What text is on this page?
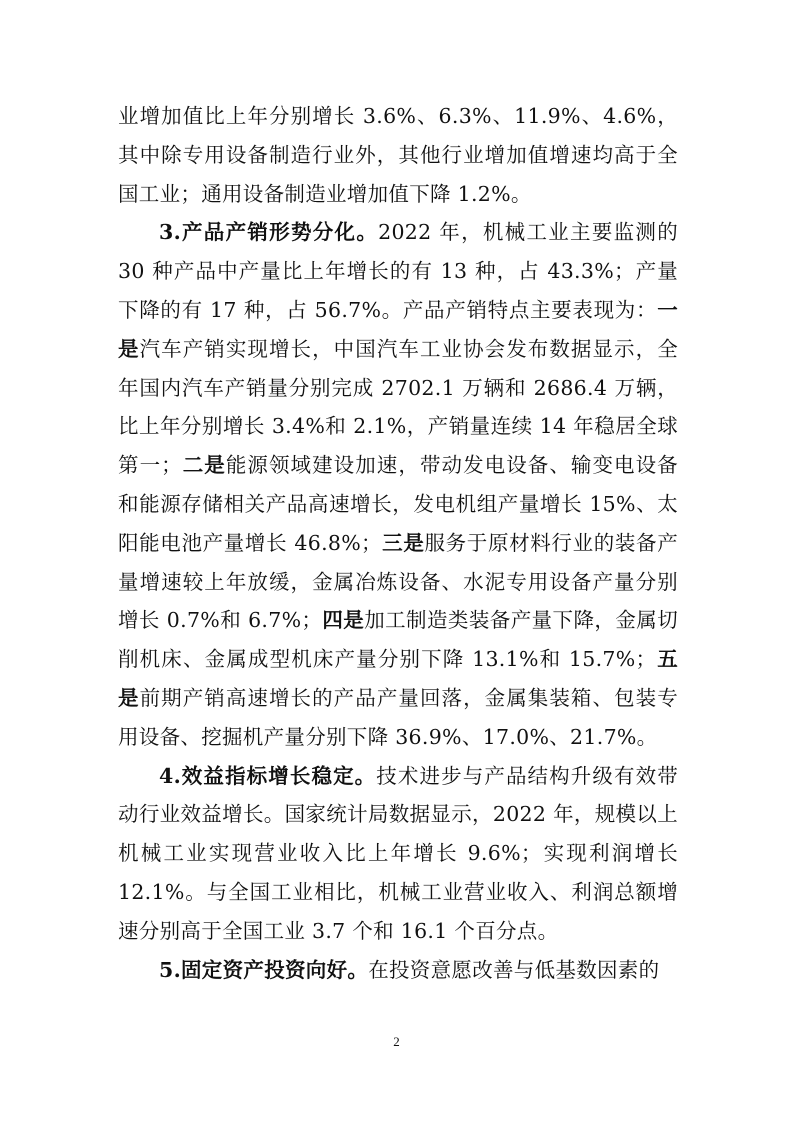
业增加值比上年分别增长 3.6%、6.3%、11.9%、4.6%，其中除专用设备制造行业外，其他行业增加值增速均高于全国工业；通用设备制造业增加值下降 1.2%。

3.产品产销形势分化。2022 年，机械工业主要监测的 30 种产品中产量比上年增长的有 13 种，占 43.3%；产量下降的有 17 种，占 56.7%。产品产销特点主要表现为：一是汽车产销实现增长，中国汽车工业协会发布数据显示，全年国内汽车产销量分别完成 2702.1 万辆和 2686.4 万辆，比上年分别增长 3.4%和 2.1%，产销量连续 14 年稳居全球第一；二是能源领域建设加速，带动发电设备、输变电设备和能源存储相关产品高速增长，发电机组产量增长 15%、太阳能电池产量增长 46.8%；三是服务于原材料行业的装备产量增速较上年放缓，金属冶炼设备、水泥专用设备产量分别增长 0.7%和 6.7%；四是加工制造类装备产量下降，金属切削机床、金属成型机床产量分别下降 13.1%和 15.7%；五是前期产销高速增长的产品产量回落，金属集装箱、包装专用设备、挖掘机产量分别下降 36.9%、17.0%、21.7%。

4.效益指标增长稳定。技术进步与产品结构升级有效带动行业效益增长。国家统计局数据显示，2022 年，规模以上机械工业实现营业收入比上年增长 9.6%；实现利润增长 12.1%。与全国工业相比，机械工业营业收入、利润总额增速分别高于全国工业 3.7 个和 16.1 个百分点。

5.固定资产投资向好。在投资意愿改善与低基数因素的

2
